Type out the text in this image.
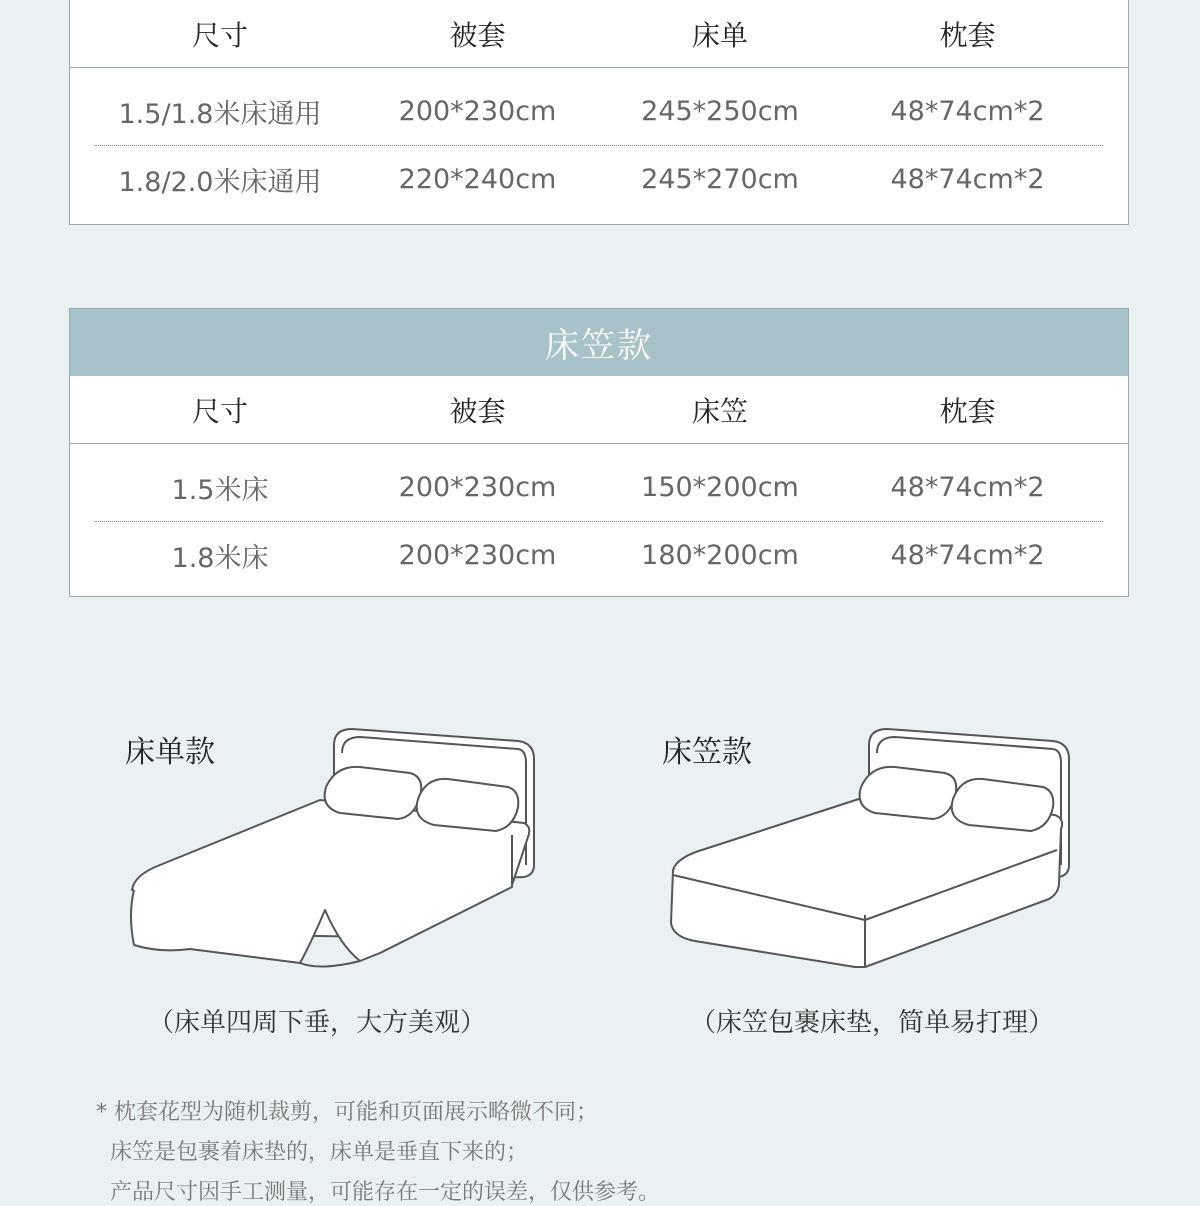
尺寸	被套	床单	枕套
1.5/1.8米床通用	200*230cm	245*250cm	48*74cm*2
1.8/2.0米床通用	220*240cm	245*270cm	48*74cm*2
床笠款
尺寸	被套	床笠	枕套
1.5米床	200*230cm	150*200cm	48*74cm*2
1.8米床	200*230cm	180*200cm	48*74cm*2
床单款
（床单四周下垂，大方美观）
床笠款
（床笠包裹床垫，简单易打理）
* 枕套花型为随机裁剪，可能和页面展示略微不同；
床笠是包裹着床垫的，床单是垂直下来的；
产品尺寸因手工测量，可能存在一定的误差，仅供参考。
